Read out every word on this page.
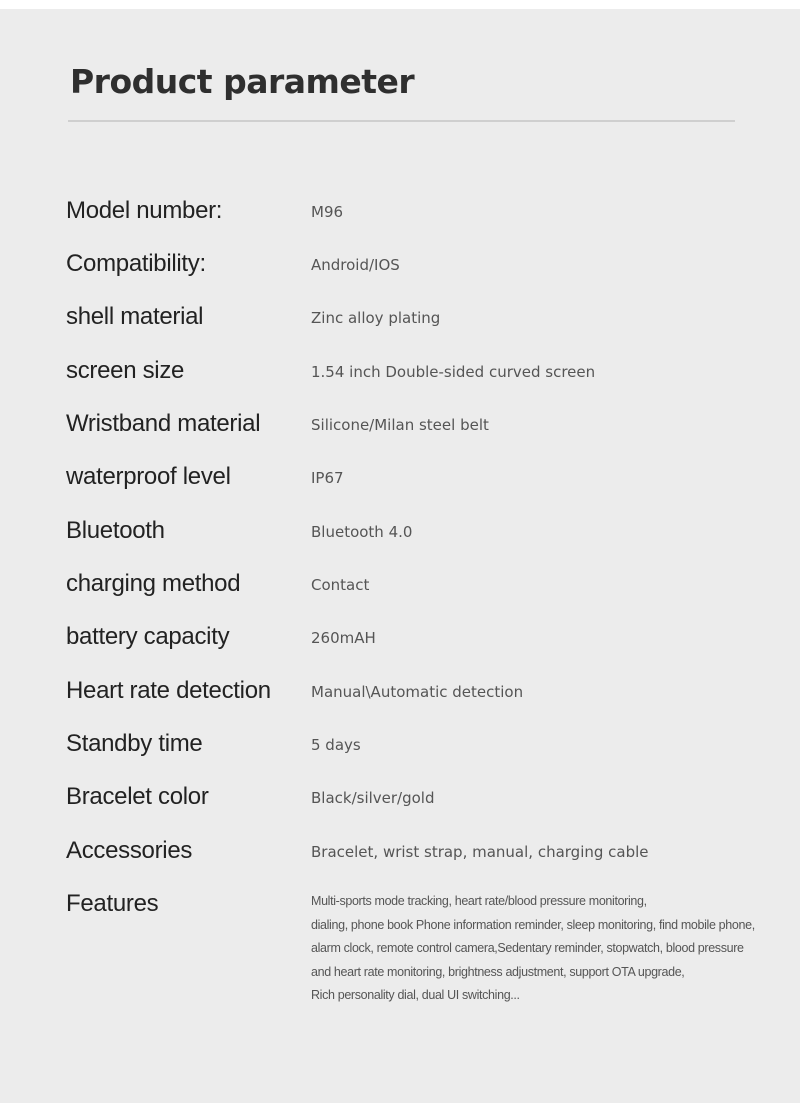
Product parameter
Model number:	M96
Compatibility:	Android/IOS
shell material	Zinc alloy plating
screen size	1.54 inch Double-sided curved screen
Wristband material	Silicone/Milan steel belt
waterproof level	IP67
Bluetooth	Bluetooth 4.0
charging method	Contact
battery capacity	260mAH
Heart rate detection	Manual\Automatic detection
Standby time	5 days
Bracelet color	Black/silver/gold
Accessories	Bracelet, wrist strap, manual, charging cable
Features	Multi-sports mode tracking, heart rate/blood pressure monitoring,
dialing, phone book Phone information reminder, sleep monitoring, find mobile phone,
alarm clock, remote control camera,Sedentary reminder, stopwatch, blood pressure
and heart rate monitoring, brightness adjustment, support OTA upgrade,
Rich personality dial, dual UI switching...
